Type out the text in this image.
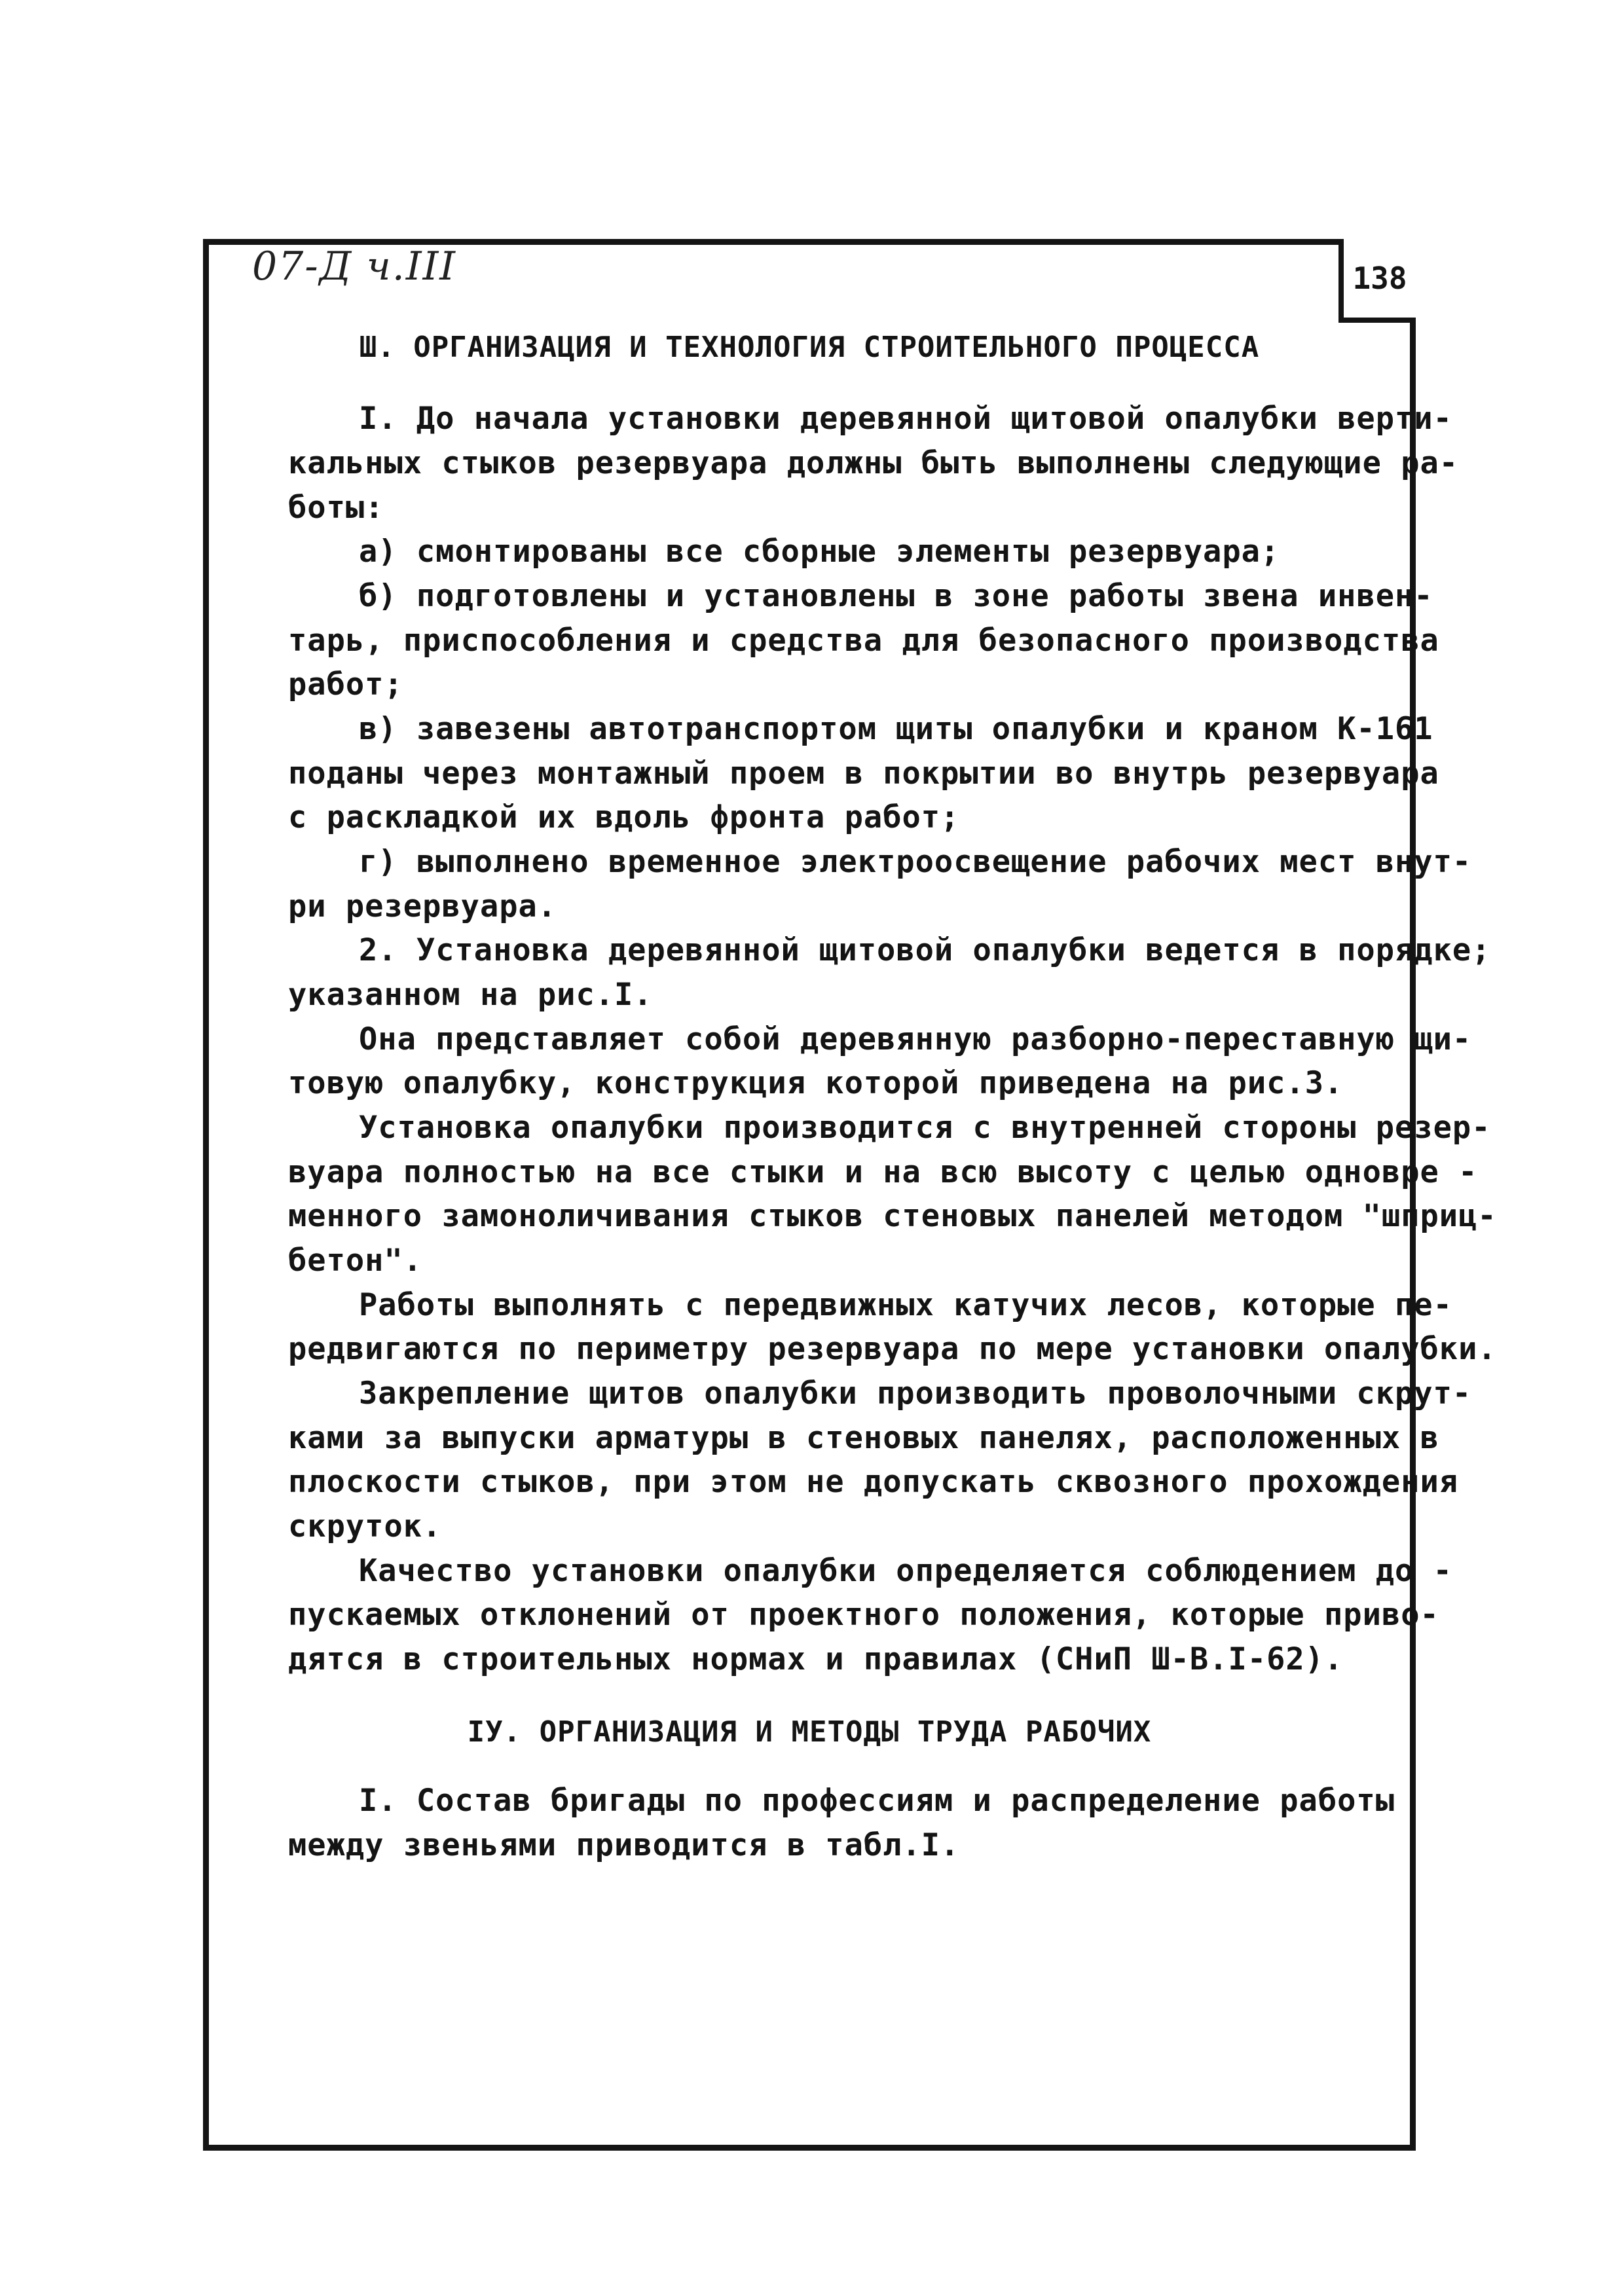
07-Д ч.III	138
Ш. ОРГАНИЗАЦИЯ И ТЕХНОЛОГИЯ СТРОИТЕЛЬНОГО ПРОЦЕССА
I. До начала установки деревянной щитовой опалубки верти-
кальных стыков резервуара должны быть выполнены следующие ра-
боты:
а) смонтированы все сборные элементы резервуара;
б) подготовлены и установлены в зоне работы звена инвен-
тарь, приспособления и средства для безопасного производства
работ;
в) завезены автотранспортом щиты опалубки и краном К-161
поданы через монтажный проем в покрытии во внутрь резервуара
с раскладкой их вдоль фронта работ;
г) выполнено временное электроосвещение рабочих мест внут-
ри резервуара.
2. Установка деревянной щитовой опалубки ведется в порядке;
указанном на рис.I.
Она представляет собой деревянную разборно-переставную щи-
товую опалубку, конструкция которой приведена на рис.3.
Установка опалубки производится с внутренней стороны резер-
вуара полностью на все стыки и на всю высоту с целью одновре -
менного замоноличивания стыков стеновых панелей методом "шприц-
бетон".
Работы выполнять с передвижных катучих лесов, которые пе-
редвигаются по периметру резервуара по мере установки опалубки.
Закрепление щитов опалубки производить проволочными скрут-
ками за выпуски арматуры в стеновых панелях, расположенных в
плоскости стыков, при этом не допускать сквозного прохождения
скруток.
Качество установки опалубки определяется соблюдением до -
пускаемых отклонений от проектного положения, которые приво-
дятся в строительных нормах и правилах (СНиП Ш-В.I-62).
IУ. ОРГАНИЗАЦИЯ И МЕТОДЫ ТРУДА РАБОЧИХ
I. Состав бригады по профессиям и распределение работы
между звеньями приводится в табл.I.
